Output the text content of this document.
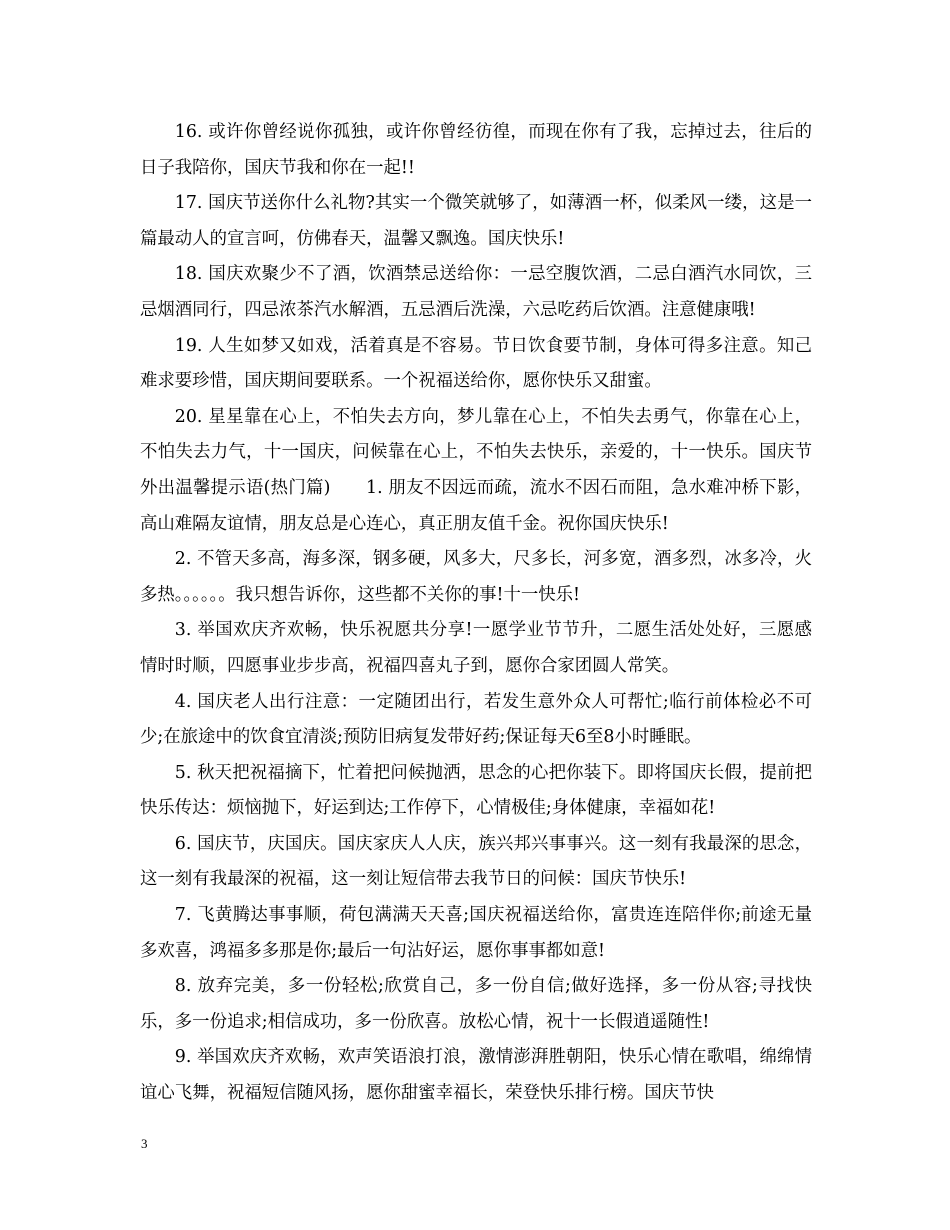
16. 或许你曾经说你孤独，或许你曾经彷徨，而现在你有了我，忘掉过去，往后的日子我陪你，国庆节我和你在一起!!

17. 国庆节送你什么礼物?其实一个微笑就够了，如薄酒一杯，似柔风一缕，这是一篇最动人的宣言呵，仿佛春天，温馨又飘逸。国庆快乐!

18. 国庆欢聚少不了酒，饮酒禁忌送给你：一忌空腹饮酒，二忌白酒汽水同饮，三忌烟酒同行，四忌浓茶汽水解酒，五忌酒后洗澡，六忌吃药后饮酒。注意健康哦!

19. 人生如梦又如戏，活着真是不容易。节日饮食要节制，身体可得多注意。知己难求要珍惜，国庆期间要联系。一个祝福送给你，愿你快乐又甜蜜。

20. 星星靠在心上，不怕失去方向，梦儿靠在心上，不怕失去勇气，你靠在心上，不怕失去力气，十一国庆，问候靠在心上，不怕失去快乐，亲爱的，十一快乐。国庆节外出温馨提示语(热门篇)　　1. 朋友不因远而疏，流水不因石而阻，急水难冲桥下影，高山难隔友谊情，朋友总是心连心，真正朋友值千金。祝你国庆快乐!

2. 不管天多高，海多深，钢多硬，风多大，尺多长，河多宽，酒多烈，冰多冷，火多热。。。。。。我只想告诉你，这些都不关你的事!十一快乐!

3. 举国欢庆齐欢畅，快乐祝愿共分享!一愿学业节节升，二愿生活处处好，三愿感情时时顺，四愿事业步步高，祝福四喜丸子到，愿你合家团圆人常笑。

4. 国庆老人出行注意：一定随团出行，若发生意外众人可帮忙;临行前体检必不可少;在旅途中的饮食宜清淡;预防旧病复发带好药;保证每天6至8小时睡眠。

5. 秋天把祝福摘下，忙着把问候抛洒，思念的心把你装下。即将国庆长假，提前把快乐传达：烦恼抛下，好运到达;工作停下，心情极佳;身体健康，幸福如花!

6. 国庆节，庆国庆。国庆家庆人人庆，族兴邦兴事事兴。这一刻有我最深的思念，这一刻有我最深的祝福，这一刻让短信带去我节日的问候：国庆节快乐!

7. 飞黄腾达事事顺，荷包满满天天喜;国庆祝福送给你，富贵连连陪伴你;前途无量多欢喜，鸿福多多那是你;最后一句沾好运，愿你事事都如意!

8. 放弃完美，多一份轻松;欣赏自己，多一份自信;做好选择，多一份从容;寻找快乐，多一份追求;相信成功，多一份欣喜。放松心情，祝十一长假逍遥随性!

9. 举国欢庆齐欢畅，欢声笑语浪打浪，激情澎湃胜朝阳，快乐心情在歌唱，绵绵情谊心飞舞，祝福短信随风扬，愿你甜蜜幸福长，荣登快乐排行榜。国庆节快

3
